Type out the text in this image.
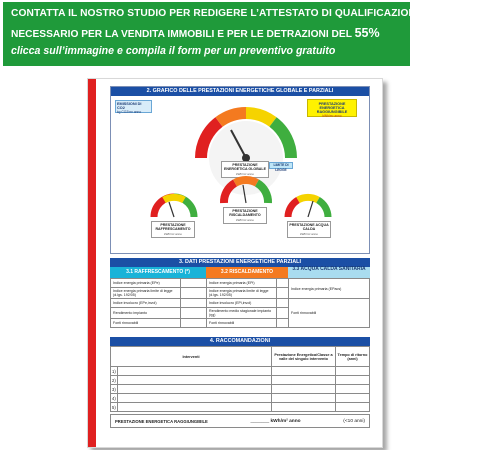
CONTATTA IL NOSTRO STUDIO PER REDIGERE L’ATTESTATO DI QUALIFICAZIONE ENERGETICA
NECESSARIO PER LA VENDITA IMMOBILI E PER LE DETRAZIONI DEL 55%
clicca sull’immagine e compila il form per un preventivo gratuito
2. GRAFICO DELLE PRESTAZIONI ENERGETICHE GLOBALE E PARZIALI
EMISSIONI DI CO2
kg CO2/m² anno
PRESTAZIONE ENERGETICA RAGGIUNGIBILE
kWh/m² anno
PRESTAZIONE ENERGETICA GLOBALE
kWh/m² anno
LIMITE DI LEGGE
PRESTAZIONE RAFFRESCAMENTO
kWh/m² anno
PRESTAZIONE RISCALDAMENTO
kWh/m² anno
PRESTAZIONE ACQUA CALDA
kWh/m² anno
3. DATI PRESTAZIONI ENERGETICHE PARZIALI
3.1 RAFFRESCAMENTO (*)	3.2 RISCALDAMENTO	3.3 ACQUA CALDA SANITARIA
Indice energia primaria (EPe)		Indice energia primaria (EPi)		Indice energia primaria (EPacs)
Indice energia primaria limite di legge (d.lgs. 192/05)		Indice energia primaria limite di legge (d.lgs. 192/05)		
Indice involucro (EPe,invol)		Indice involucro (EPi,invol)		Fonti rinnovabili
Rendimento impianto		Rendimento medio stagionale impianto (ηg)		
Fonti rinnovabili		Fonti rinnovabili		
4. RACCOMANDAZIONI
Interventi		Prestazione Energetica/Classe a valle del singolo intervento	Tempo di ritorno (anni)
1)			
2)			
3)			
4)			
5)			
PRESTAZIONE ENERGETICA RAGGIUNGIBILE	_______ kWh/m² anno	(<10 anni)
